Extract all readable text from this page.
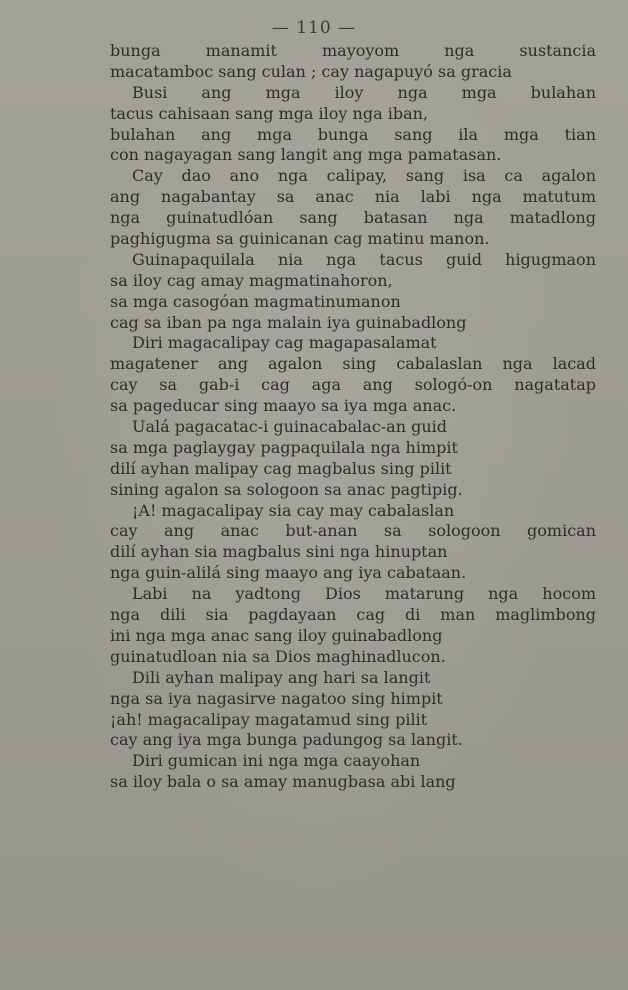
— 110 —
bunga manamit mayoyom nga sustancia
macatamboc sang culan ; cay nagapuyó sa gracia
Busi ang mga iloy nga mga bulahan
tacus cahisaan sang mga iloy nga iban,
bulahan ang mga bunga sang ila mga tian
con nagayagan sang langit ang mga pamatasan.
Cay dao ano nga calipay, sang isa ca agalon
ang nagabantay sa anac nia labi nga matutum
nga guinatudlóan sang batasan nga matadlong
paghigugma sa guinicanan cag matinu manon.
Guinapaquilala nia nga tacus guid higugmaon
sa iloy cag amay magmatinahoron,
sa mga casogóan magmatinumanon
cag sa iban pa nga malain iya guinabadlong
Diri magacalipay cag magapasalamat
magatener ang agalon sing cabalaslan nga lacad
cay sa gab-i cag aga ang sologó-on nagatatap
sa pageducar sing maayo sa iya mga anac.
Ualá pagacatac-i guinacabalac-an guid
sa mga paglaygay pagpaquilala nga himpit
dilí ayhan malipay cag magbalus sing pilit
sining agalon sa sologoon sa anac pagtipig.
¡A! magacalipay sia cay may cabalaslan
cay ang anac but-anan sa sologoon gomican
dilí ayhan sia magbalus sini nga hinuptan
nga guin-alilá sing maayo ang iya cabataan.
Labi na yadtong Dios matarung nga hocom
nga dili sia pagdayaan cag di man maglimbong
ini nga mga anac sang iloy guinabadlong
guinatudloan nia sa Dios maghinadlucon.
Dili ayhan malipay ang hari sa langit
nga sa iya nagasirve nagatoo sing himpit
¡ah! magacalipay magatamud sing pilit
cay ang iya mga bunga padungog sa langit.
Diri gumican ini nga mga caayohan
sa iloy bala o sa amay manugbasa abi lang
